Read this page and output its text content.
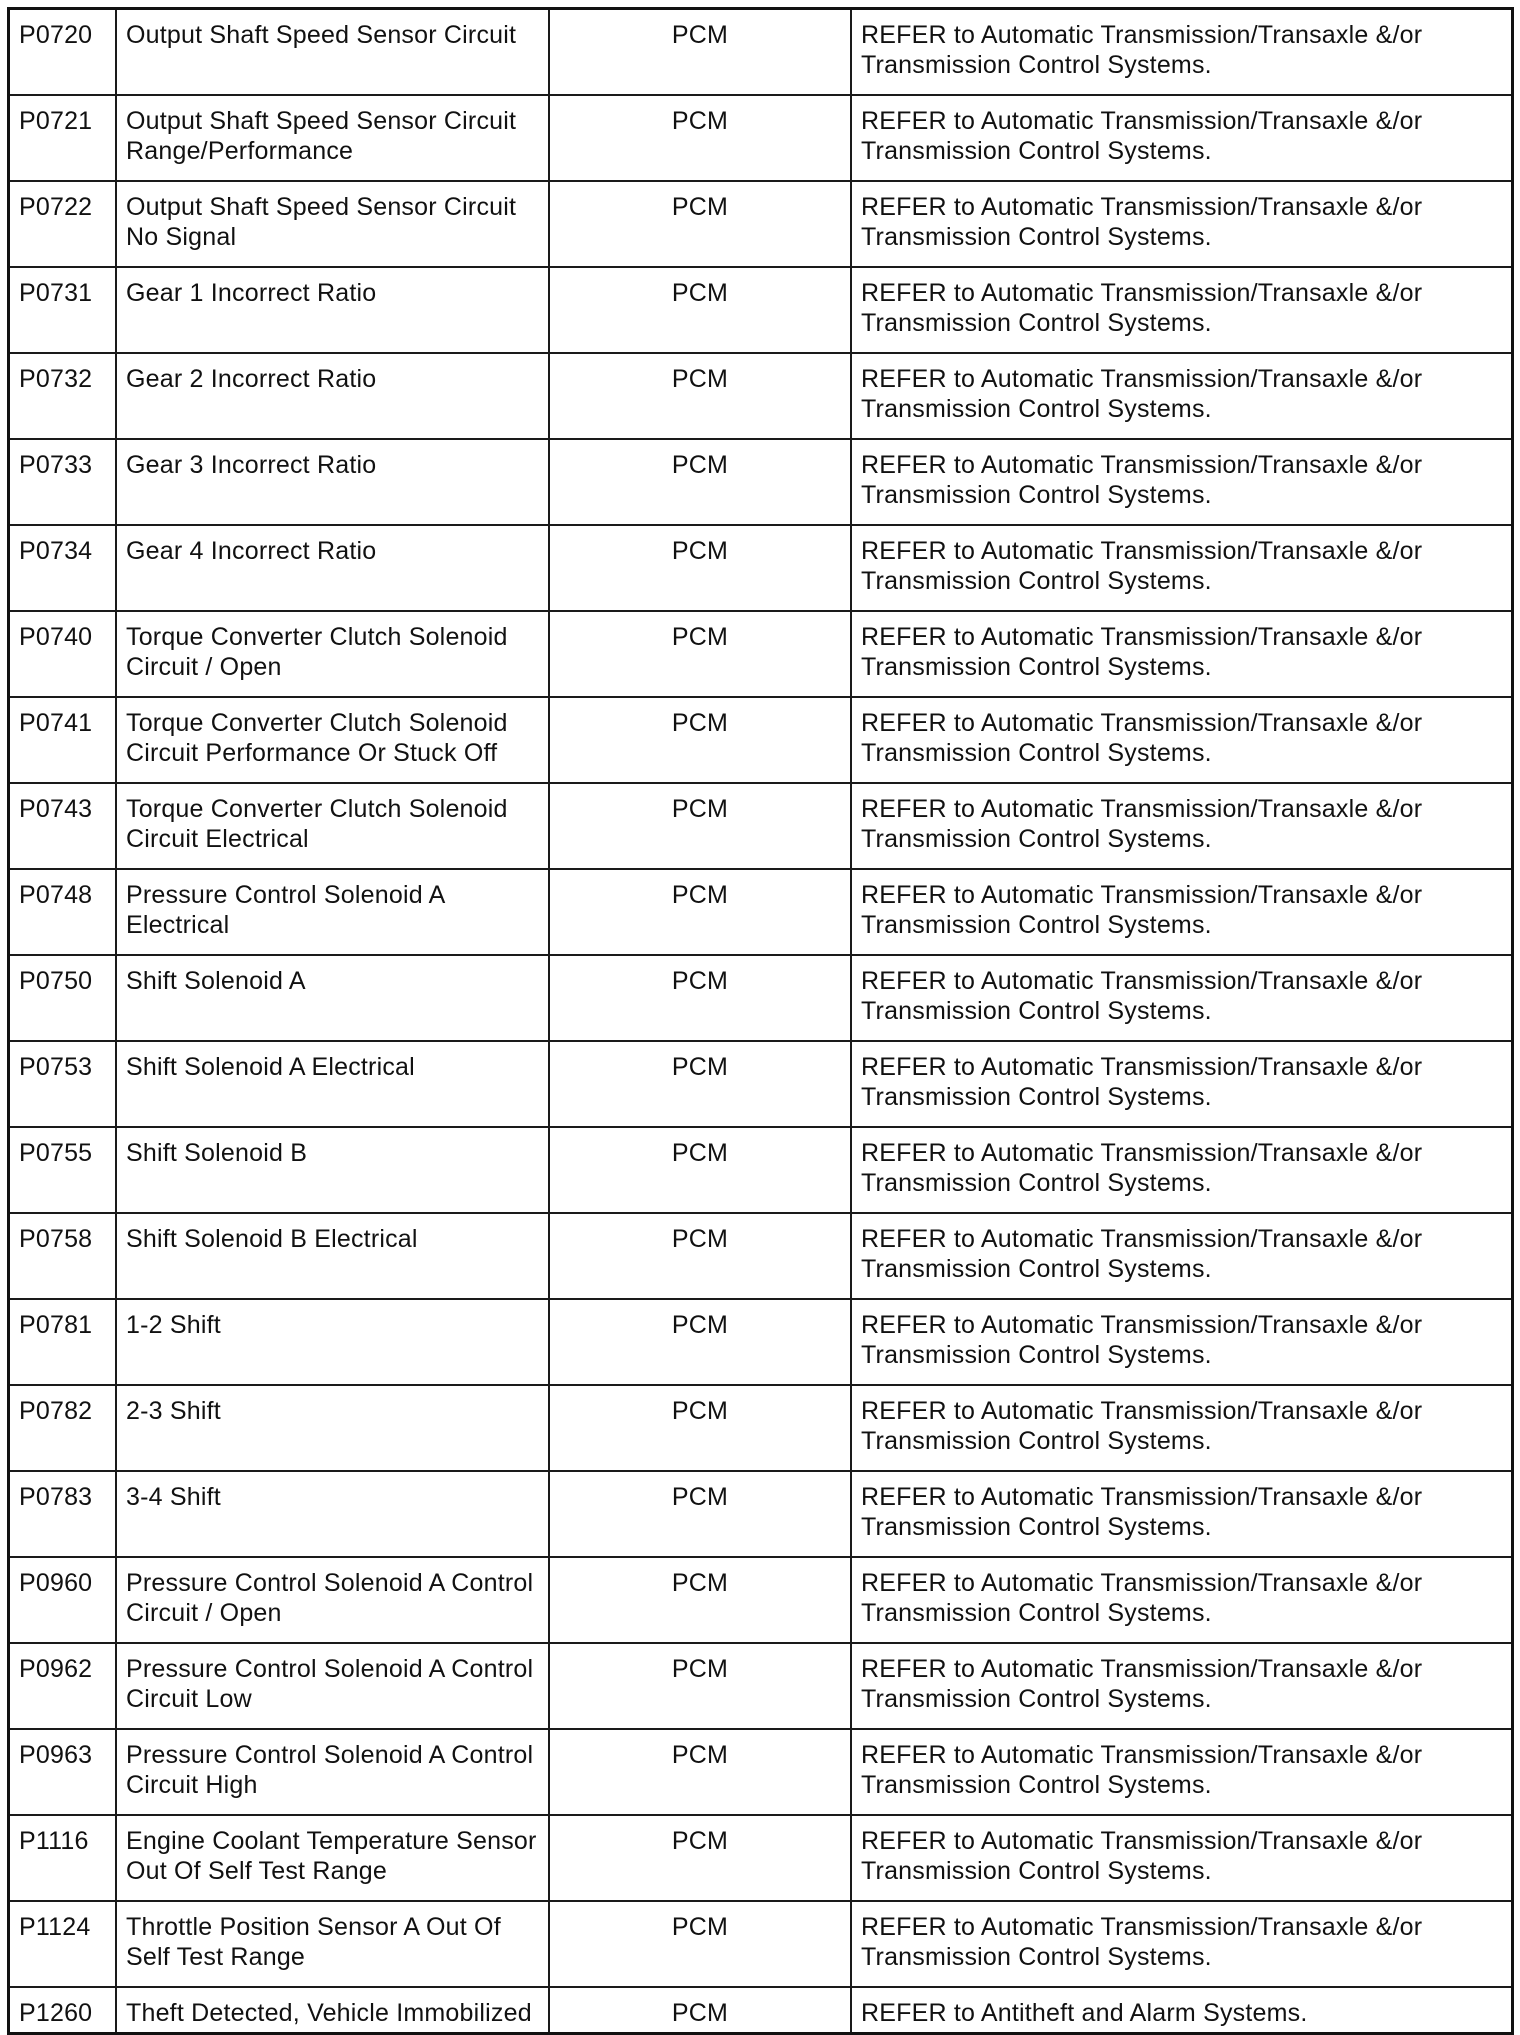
P0720	Output Shaft Speed Sensor Circuit	PCM	REFER to Automatic Transmission/Transaxle &/or Transmission Control Systems.
P0721	Output Shaft Speed Sensor Circuit Range/Performance	PCM	REFER to Automatic Transmission/Transaxle &/or Transmission Control Systems.
P0722	Output Shaft Speed Sensor Circuit No Signal	PCM	REFER to Automatic Transmission/Transaxle &/or Transmission Control Systems.
P0731	Gear 1 Incorrect Ratio	PCM	REFER to Automatic Transmission/Transaxle &/or Transmission Control Systems.
P0732	Gear 2 Incorrect Ratio	PCM	REFER to Automatic Transmission/Transaxle &/or Transmission Control Systems.
P0733	Gear 3 Incorrect Ratio	PCM	REFER to Automatic Transmission/Transaxle &/or Transmission Control Systems.
P0734	Gear 4 Incorrect Ratio	PCM	REFER to Automatic Transmission/Transaxle &/or Transmission Control Systems.
P0740	Torque Converter Clutch Solenoid Circuit / Open	PCM	REFER to Automatic Transmission/Transaxle &/or Transmission Control Systems.
P0741	Torque Converter Clutch Solenoid Circuit Performance Or Stuck Off	PCM	REFER to Automatic Transmission/Transaxle &/or Transmission Control Systems.
P0743	Torque Converter Clutch Solenoid Circuit Electrical	PCM	REFER to Automatic Transmission/Transaxle &/or Transmission Control Systems.
P0748	Pressure Control Solenoid A Electrical	PCM	REFER to Automatic Transmission/Transaxle &/or Transmission Control Systems.
P0750	Shift Solenoid A	PCM	REFER to Automatic Transmission/Transaxle &/or Transmission Control Systems.
P0753	Shift Solenoid A Electrical	PCM	REFER to Automatic Transmission/Transaxle &/or Transmission Control Systems.
P0755	Shift Solenoid B	PCM	REFER to Automatic Transmission/Transaxle &/or Transmission Control Systems.
P0758	Shift Solenoid B Electrical	PCM	REFER to Automatic Transmission/Transaxle &/or Transmission Control Systems.
P0781	1-2 Shift	PCM	REFER to Automatic Transmission/Transaxle &/or Transmission Control Systems.
P0782	2-3 Shift	PCM	REFER to Automatic Transmission/Transaxle &/or Transmission Control Systems.
P0783	3-4 Shift	PCM	REFER to Automatic Transmission/Transaxle &/or Transmission Control Systems.
P0960	Pressure Control Solenoid A Control Circuit / Open	PCM	REFER to Automatic Transmission/Transaxle &/or Transmission Control Systems.
P0962	Pressure Control Solenoid A Control Circuit Low	PCM	REFER to Automatic Transmission/Transaxle &/or Transmission Control Systems.
P0963	Pressure Control Solenoid A Control Circuit High	PCM	REFER to Automatic Transmission/Transaxle &/or Transmission Control Systems.
P1116	Engine Coolant Temperature Sensor Out Of Self Test Range	PCM	REFER to Automatic Transmission/Transaxle &/or Transmission Control Systems.
P1124	Throttle Position Sensor A Out Of Self Test Range	PCM	REFER to Automatic Transmission/Transaxle &/or Transmission Control Systems.
P1260	Theft Detected, Vehicle Immobilized	PCM	REFER to Antitheft and Alarm Systems.
